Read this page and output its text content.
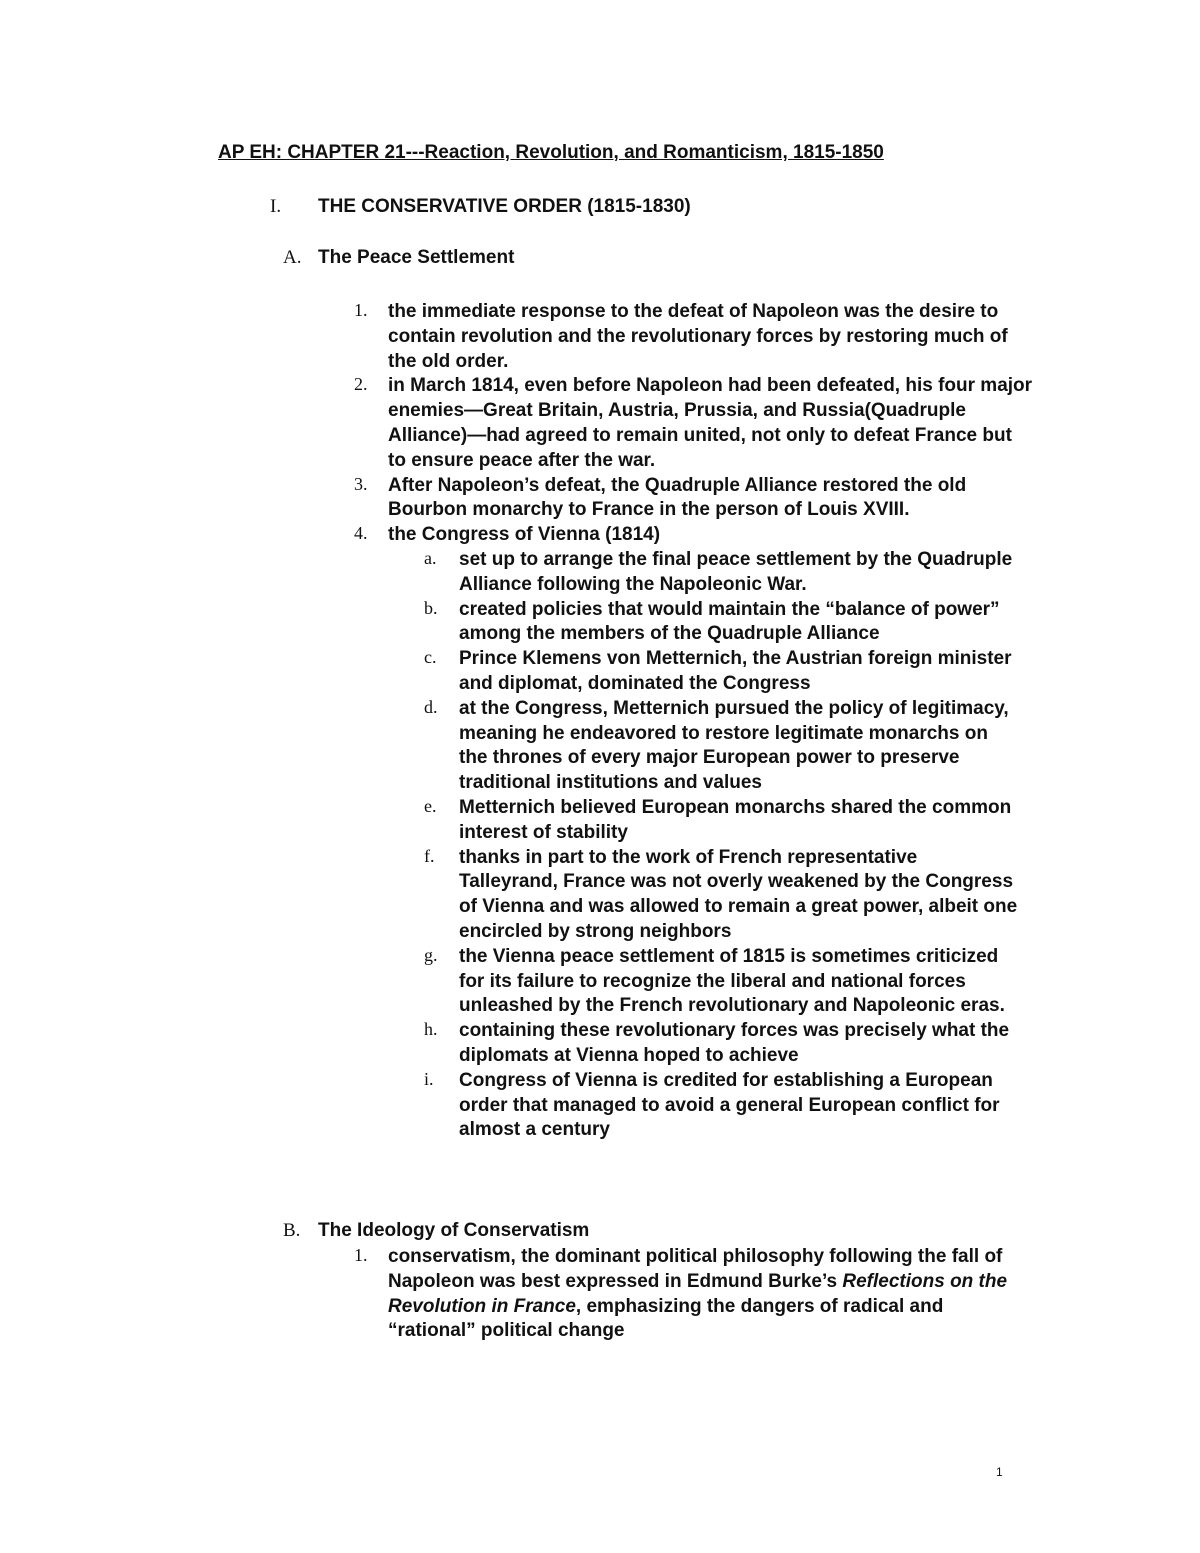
AP EH: CHAPTER 21---Reaction, Revolution, and Romanticism, 1815-1850
I. THE CONSERVATIVE ORDER (1815-1830)
A. The Peace Settlement
1. the immediate response to the defeat of Napoleon was the desire to contain revolution and the revolutionary forces by restoring much of the old order.
2. in March 1814, even before Napoleon had been defeated, his four major enemies—Great Britain, Austria, Prussia, and Russia(Quadruple Alliance)—had agreed to remain united, not only to defeat France but to ensure peace after the war.
3. After Napoleon’s defeat, the Quadruple Alliance restored the old Bourbon monarchy to France in the person of Louis XVIII.
4. the Congress of Vienna (1814)
a. set up to arrange the final peace settlement by the Quadruple Alliance following the Napoleonic War.
b. created policies that would maintain the “balance of power” among the members of the Quadruple Alliance
c. Prince Klemens von Metternich, the Austrian foreign minister and diplomat, dominated the Congress
d. at the Congress, Metternich pursued the policy of legitimacy, meaning he endeavored to restore legitimate monarchs on the thrones of every major European power to preserve traditional institutions and values
e. Metternich believed European monarchs shared the common interest of stability
f. thanks in part to the work of French representative Talleyrand, France was not overly weakened by the Congress of Vienna and was allowed to remain a great power, albeit one encircled by strong neighbors
g. the Vienna peace settlement of 1815 is sometimes criticized for its failure to recognize the liberal and national forces unleashed by the French revolutionary and Napoleonic eras.
h. containing these revolutionary forces was precisely what the diplomats at Vienna hoped to achieve
i. Congress of Vienna is credited for establishing a European order that managed to avoid a general European conflict for almost a century
B. The Ideology of Conservatism
1. conservatism, the dominant political philosophy following the fall of Napoleon was best expressed in Edmund Burke’s Reflections on the Revolution in France, emphasizing the dangers of radical and “rational” political change
1
